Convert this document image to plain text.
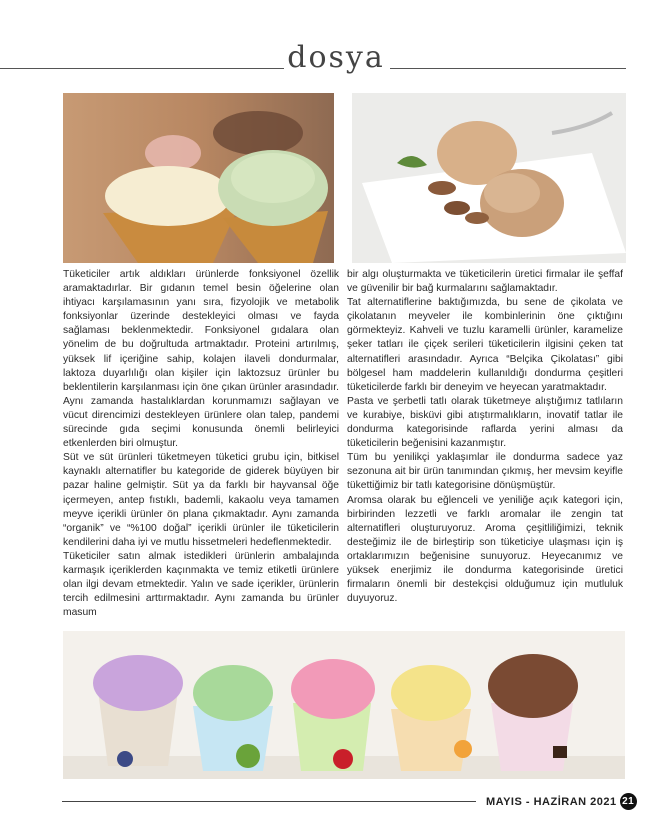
dosya

Tüketiciler artık aldıkları ürünlerde fonksiyonel özellik aramaktadırlar. Bir gıdanın temel besin öğelerine olan ihtiyacı karşılamasının yanı sıra, fizyolojik ve metabolik fonksiyonlar üzerinde destekleyici olması ve fayda sağlaması beklenmektedir. Fonksiyonel gıdalara olan yönelim de bu doğrultuda artmaktadır. Proteini artırılmış, yüksek lif içeriğine sahip, kolajen ilaveli dondurmalar, laktoza duyarlılığı olan kişiler için laktozsuz ürünler bu beklentilerin karşılanması için öne çıkan ürünler arasındadır. Aynı zamanda hastalıklardan korunmamızı sağlayan ve vücut direncimizi destekleyen ürünlere olan talep, pandemi sürecinde gıda seçimi konusunda önemli belirleyici etkenlerden biri olmuştur.

Süt ve süt ürünleri tüketmeyen tüketici grubu için, bitkisel kaynaklı alternatifler bu kategoride de giderek büyüyen bir pazar haline gelmiştir. Süt ya da farklı bir hayvansal öğe içermeyen, antep fıstıklı, bademli, kakaolu veya tamamen meyve içerikli ürünler ön plana çıkmaktadır. Aynı zamanda “organik” ve “%100 doğal” içerikli ürünler ile tüketicilerin kendilerini daha iyi ve mutlu hissetmeleri hedeflenmektedir.

Tüketiciler satın almak istedikleri ürünlerin ambalajında karmaşık içeriklerden kaçınmakta ve temiz etiketli ürünlere olan ilgi devam etmektedir. Yalın ve sade içerikler, ürünlerin tercih edilmesini arttırmaktadır. Aynı zamanda bu ürünler masum

bir algı oluşturmakta ve tüketicilerin üretici firmalar ile şeffaf ve güvenilir bir bağ kurmalarını sağlamaktadır.

Tat alternatiflerine baktığımızda, bu sene de çikolata ve çikolatanın meyveler ile kombinlerinin öne çıktığını görmekteyiz. Kahveli ve tuzlu karamelli ürünler, karamelize şeker tatları ile çiçek serileri tüketicilerin ilgisini çeken tat alternatifleri arasındadır. Ayrıca “Belçika Çikolatası” gibi bölgesel ham maddelerin kullanıldığı dondurma çeşitleri tüketicilerde farklı bir deneyim ve heyecan yaratmaktadır.

Pasta ve şerbetli tatlı olarak tüketmeye alıştığımız tatlıların ve kurabiye, bisküvi gibi atıştırmalıkların, inovatif tatlar ile dondurma kategorisinde raflarda yerini alması da tüketicilerin beğenisini kazanmıştır.

Tüm bu yenilikçi yaklaşımlar ile dondurma sadece yaz sezonuna ait bir ürün tanımından çıkmış, her mevsim keyifle tükettiğimiz bir tatlı kategorisine dönüşmüştür.

Aromsa olarak bu eğlenceli ve yeniliğe açık kategori için, birbirinden lezzetli ve farklı aromalar ile zengin tat alternatifleri oluşturuyoruz. Aroma çeşitliliğimizi, teknik desteğimiz ile de birleştirip son tüketiciye ulaşması için iş ortaklarımızın beğenisine sunuyoruz. Heyecanımız ve yüksek enerjimiz ile dondurma kategorisinde üretici firmaların önemli bir destekçisi olduğumuz için mutluluk duyuyoruz.

MAYIS - HAZİRAN 2021 21
